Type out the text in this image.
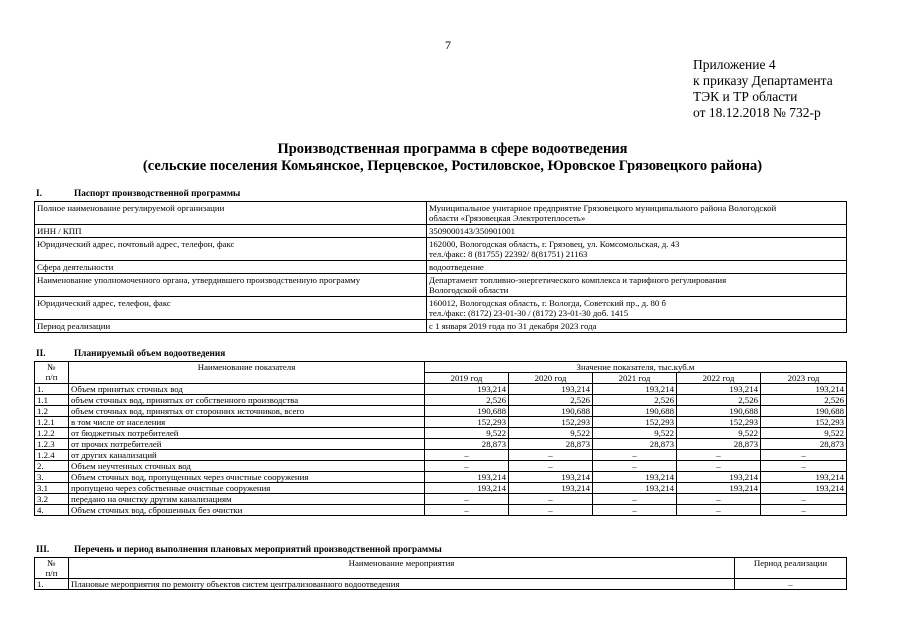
7
Приложение 4
к приказу Департамента
ТЭК и ТР области
от 18.12.2018 № 732-р
Производственная программа в сфере водоотведения
(сельские поселения Комьянское, Перцевское, Ростиловское, Юровское Грязовецкого района)
I.	Паспорт производственной программы
Полное наименование регулируемой организации	Муниципальное унитарное предприятие Грязовецкого муниципального района Вологодской
области «Грязовецкая Электротеплосеть»

ИНН / КПП	3509000143/350901001

Юридический адрес, почтовый адрес, телефон, факс	162000, Вологодская область, г. Грязовец, ул. Комсомольская, д. 43
тел./факс: 8 (81755) 22392/ 8(81751) 21163

Сфера деятельности	водоотведение

Наименование уполномоченного органа, утвердившего производственную программу	Департамент топливно-энергетического комплекса и тарифного регулирования
Вологодской области

Юридический адрес, телефон, факс	160012, Вологодская область, г. Вологда, Советский пр., д. 80 б
тел./факс: (8172) 23-01-30 / (8172) 23-01-30 доб. 1415

Период реализации	с 1 января 2019 года по 31 декабря 2023 года
II.	Планируемый объем водоотведения
№
п/п	Наименование показателя	Значение показателя, тыс.куб.м				
		2019 год	2020 год	2021 год	2022 год	2023 год
1.	Объем принятых сточных вод	193,214	193,214	193,214	193,214	193,214
1.1	объем сточных вод, принятых от собственного производства	2,526	2,526	2,526	2,526	2,526
1.2	объем сточных вод, принятых от сторонних источников, всего	190,688	190,688	190,688	190,688	190,688
1.2.1	в том числе от населения	152,293	152,293	152,293	152,293	152,293
1.2.2	от бюджетных потребителей	9,522	9,522	9,522	9,522	9,522
1.2.3	от прочих потребителей	28,873	28,873	28,873	28,873	28,873
1.2.4	от других канализаций	–	–	–	–	–
2.	Объем неучтенных сточных вод	–	–	–	–	–
3.	Объем сточных вод, пропущенных через очистные сооружения	193,214	193,214	193,214	193,214	193,214
3.1	пропущено через собственные очистные сооружения	193,214	193,214	193,214	193,214	193,214
3.2	передано на очистку другим канализациям	–	–	–	–	–
4.	Объем сточных вод, сброшенных без очистки	–	–	–	–	–
III.	Перечень и период выполнения плановых мероприятий производственной программы
№
п/п	Наименование мероприятия	Период реализации
1.	Плановые мероприятия по ремонту объектов систем централизованного водоотведения	–
